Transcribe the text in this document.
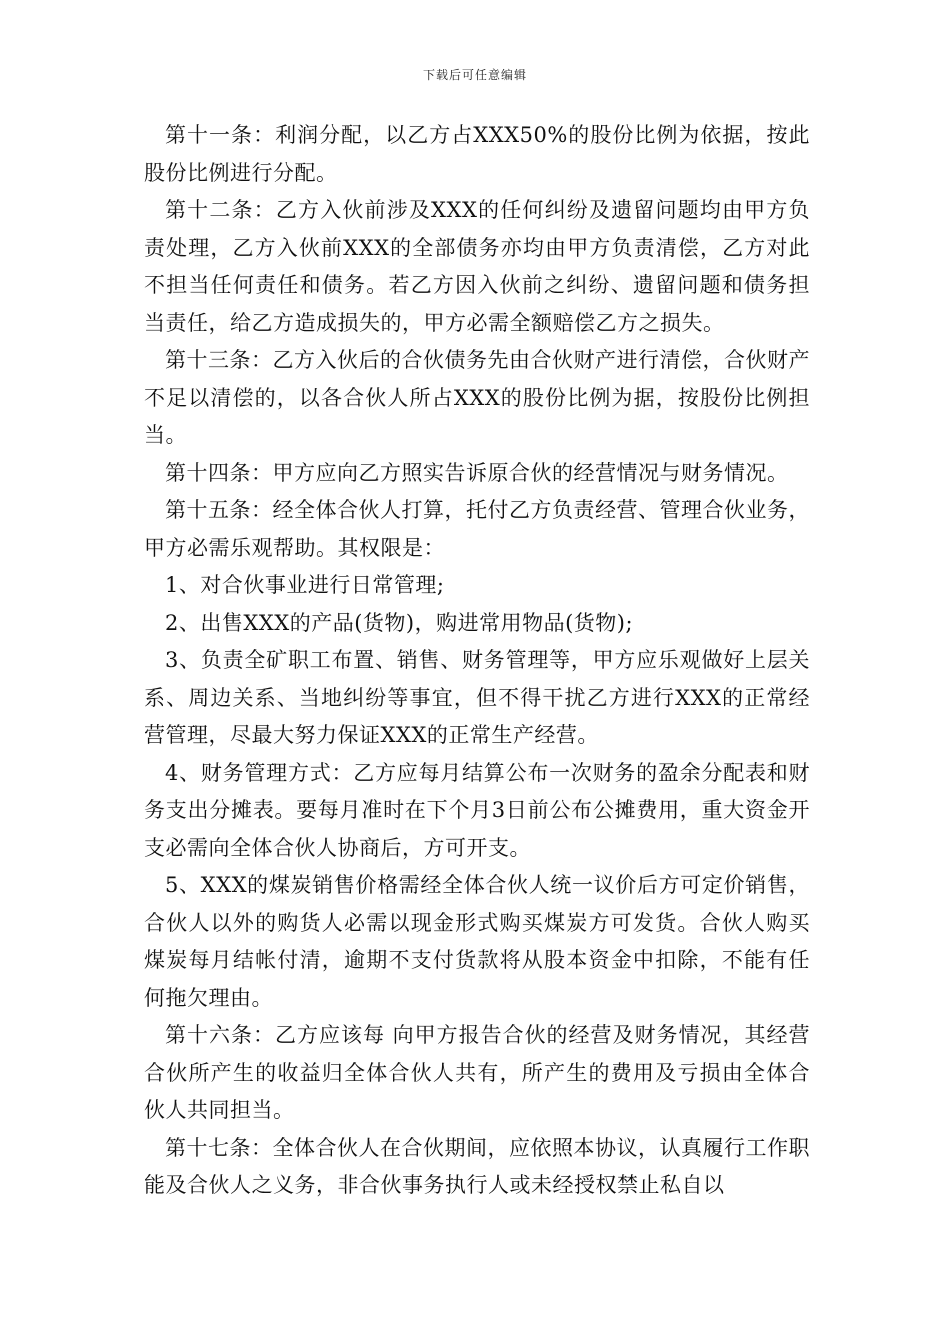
下载后可任意编辑

第十一条：利润分配，以乙方占XXX50%的股份比例为依据，按此股份比例进行分配。

第十二条：乙方入伙前涉及XXX的任何纠纷及遗留问题均由甲方负责处理，乙方入伙前XXX的全部债务亦均由甲方负责清偿，乙方对此不担当任何责任和债务。若乙方因入伙前之纠纷、遗留问题和债务担当责任，给乙方造成损失的，甲方必需全额赔偿乙方之损失。

第十三条：乙方入伙后的合伙债务先由合伙财产进行清偿，合伙财产不足以清偿的，以各合伙人所占XXX的股份比例为据，按股份比例担当。

第十四条：甲方应向乙方照实告诉原合伙的经营情况与财务情况。

第十五条：经全体合伙人打算，托付乙方负责经营、管理合伙业务，甲方必需乐观帮助。其权限是：

1、对合伙事业进行日常管理;

2、出售XXX的产品(货物)，购进常用物品(货物);

3、负责全矿职工布置、销售、财务管理等，甲方应乐观做好上层关系、周边关系、当地纠纷等事宜，但不得干扰乙方进行XXX的正常经营管理，尽最大努力保证XXX的正常生产经营。

4、财务管理方式：乙方应每月结算公布一次财务的盈余分配表和财务支出分摊表。要每月准时在下个月3日前公布公摊费用，重大资金开支必需向全体合伙人协商后，方可开支。

5、XXX的煤炭销售价格需经全体合伙人统一议价后方可定价销售，合伙人以外的购货人必需以现金形式购买煤炭方可发货。合伙人购买煤炭每月结帐付清，逾期不支付货款将从股本资金中扣除，不能有任何拖欠理由。

第十六条：乙方应该每 向甲方报告合伙的经营及财务情况，其经营合伙所产生的收益归全体合伙人共有，所产生的费用及亏损由全体合伙人共同担当。

第十七条：全体合伙人在合伙期间，应依照本协议，认真履行工作职能及合伙人之义务，非合伙事务执行人或未经授权禁止私自以
